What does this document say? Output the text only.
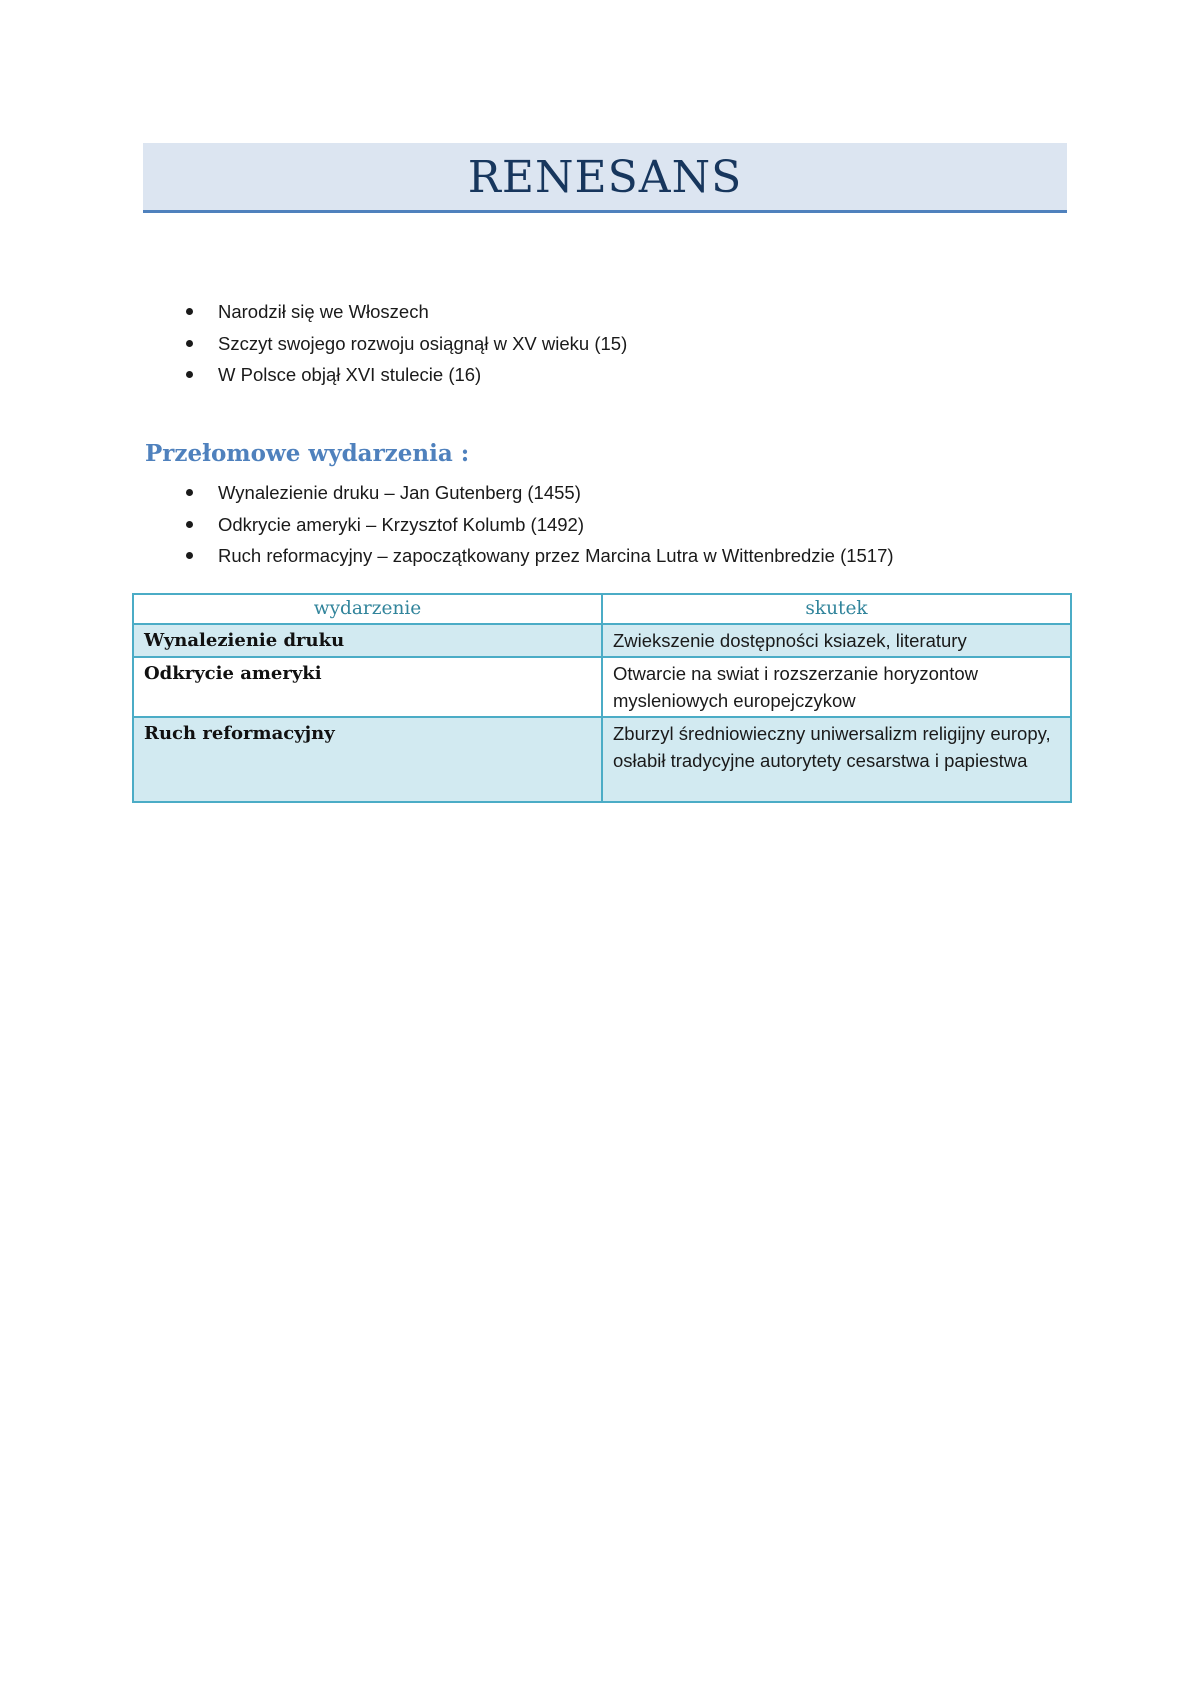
RENESANS
Narodził się we Włoszech
Szczyt swojego rozwoju osiągnął w XV wieku (15)
W Polsce objął XVI stulecie (16)
Przełomowe wydarzenia :
Wynalezienie druku – Jan Gutenberg (1455)
Odkrycie ameryki – Krzysztof Kolumb (1492)
Ruch reformacyjny – zapoczątkowany przez Marcina Lutra w Wittenbredzie (1517)
wydarzenie	skutek
Wynalezienie druku	Zwiekszenie dostępności ksiazek, literatury
Odkrycie ameryki	Otwarcie na swiat i rozszerzanie horyzontow mysleniowych europejczykow
Ruch reformacyjny	Zburzyl średniowieczny uniwersalizm religijny europy, osłabił tradycyjne autorytety cesarstwa i papiestwa
